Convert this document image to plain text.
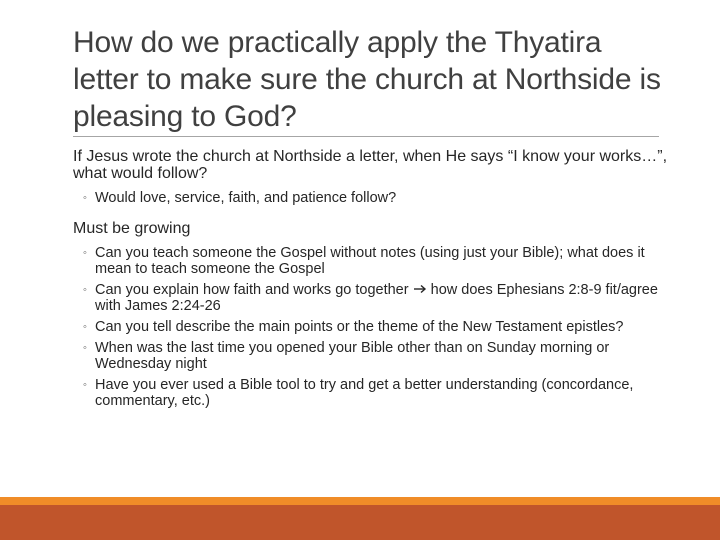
How do we practically apply the Thyatira letter to make sure the church at Northside is pleasing to God?

If Jesus wrote the church at Northside a letter, when He says “I know your works…”, what would follow?

◦ Would love, service, faith, and patience follow?

Must be growing

◦ Can you teach someone the Gospel without notes (using just your Bible); what does it mean to teach someone the Gospel
◦ Can you explain how faith and works go together how does Ephesians 2:8-9 fit/agree with James 2:24-26
◦ Can you tell describe the main points or the theme of the New Testament epistles?
◦ When was the last time you opened your Bible other than on Sunday morning or Wednesday night
◦ Have you ever used a Bible tool to try and get a better understanding (concordance, commentary, etc.)
